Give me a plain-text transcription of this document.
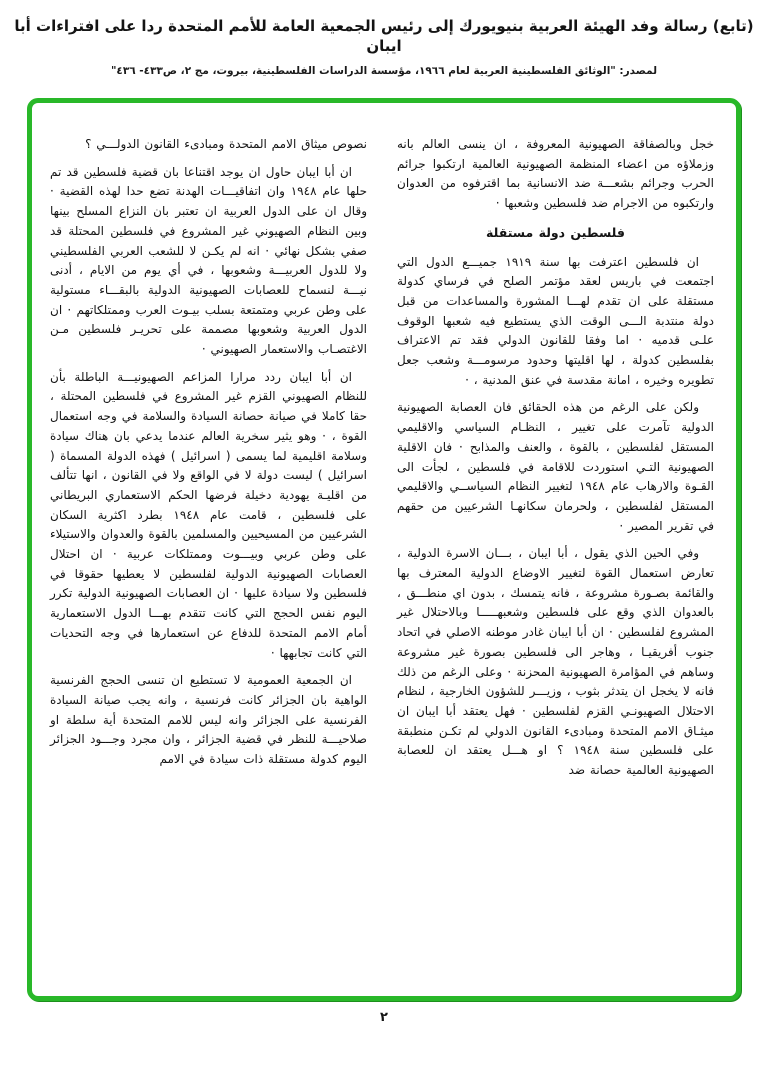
(تابع) رسالة وفد الهيئة العربية بنيويورك إلى رئيس الجمعية العامة للأمم المتحدة ردا على افتراءات أبا ايبان
لمصدر: "الوثائق الفلسطينية العربية لعام ١٩٦٦، مؤسسة الدراسات الفلسطينية، بيروت، مج ٢، ص٤٣٣- ٤٣٦"

خجل وبالصفاقة الصهيونية المعروفة ، ان ينسى العالم بانه وزملاؤه من اعضاء المنظمة الصهيونية العالمية ارتكبوا جرائم الحرب وجرائم بشعـــة ضد الانسانية بما اقترفوه من العدوان وارتكبوه من الاجرام ضد فلسطين وشعبها ·

فلسطين دولة مستقلة

ان فلسطين اعترفت بها سنة ١٩١٩ جميـــع الدول التي اجتمعت في باريس لعقد مؤتمر الصلح في فرساي كدولة مستقلة على ان تقدم لهـــا المشورة والمساعدات من قبل دولة منتدبة الـــى الوقت الذي يستطيع فيه شعبها الوقوف علـى قدميه · اما وفقا للقانون الدولي فقد تم الاعتراف بفلسطين كدولة ، لها اقليتها وحدود مرسومـــة وشعب جعل تطويره وخيره ، امانة مقدسة في عنق المدنية ، ·

ولكن على الرغم من هذه الحقائق فان العصابة الصهيونية الدولية تآمرت على تغيير ، النظـام السياسي والاقليمي المستقل لفلسطين ، بالقوة ، والعنف والمذابح · فان الاقلية الصهيونية التـي استوردت للاقامة في فلسطين ، لجأت الى القـوة والارهاب عام ١٩٤٨ لتغيير النظام السياســي والاقليمي المستقل لفلسطين ، ولحرمان سكانهـا الشرعيين من حقهم في تقرير المصير ·

وفي الحين الذي يقول ، أبا ايبان ، بـــان الاسرة الدولية ، تعارض استعمال القوة لتغيير الاوضاع الدولية المعترف بها والقائمة بصـورة مشروعة ، فانه يتمسك ، بدون اي منطـــق ، بالعدوان الذي وقع على فلسطين وشعبهـــــا وبالاحتلال غير المشروع لفلسطين · ان أبا ايبان غادر موطنه الاصلي في اتحاد جنوب أفريقيـا ، وهاجر الى فلسطين بصورة غير مشروعة وساهم في المؤامرة الصهيونية المحزنة · وعلى الرغم من ذلك فانه لا يخجل ان يتدثر بثوب ، وزيـــر للشؤون الخارجية ، لنظام الاحتلال الصهيونـي القزم لفلسطين · فهل يعتقد أبا ايبان ان ميثـاق الامم المتحدة ومبادىء القانون الدولي لم تكـن منطبقة على فلسطين سنة ١٩٤٨ ؟ او هـــل يعتقد ان للعصابة الصهيونية العالمية حصانة ضد

نصوص ميثاق الامم المتحدة ومبادىء القانون الدولـــي ؟

ان أبا ايبان حاول ان يوجد اقتناعا بان قضية فلسطين قد تم حلها عام ١٩٤٨ وان اتفاقيـــات الهدنة تضع حدا لهذه القضية · وقال ان على الدول العربية ان تعتبر بان النزاع المسلح بينها وبين النظام الصهيوني غير المشروع في فلسطين المحتلة قد صفي بشكل نهائي · انه لم يكـن لا للشعب العربي الفلسطيني ولا للدول العربيـــة وشعوبها ، في أي يوم من الايام ، أدنى نيـــة لنسماح للعصابات الصهيونية الدولية بالبقـــاء مستولية على وطن عربي ومتمتعة بسلب بيـوت العرب وممتلكاتهم · ان الدول العربية وشعوبها مصممة على تحريـر فلسطين مـن الاغتصـاب والاستعمار الصهيوني ·

ان أبا ايبان ردد مرارا المزاعم الصهيونيـــة الباطلة بأن للنظام الصهيوني القزم غير المشروع في فلسطين المحتلة ، حقا كاملا في صيانة حصانة السيادة والسلامة في وجه استعمال القوة ، · وهو يثير سخرية العالم عندما يدعي بان هناك سيادة وسلامة اقليمية لما يسمى ( اسرائيل ) فهذه الدولة المسماة ( اسرائيل ) ليست دولة لا في الواقع ولا في القانون ، انها تتألف من اقليـة يهودية دخيلة فرضها الحكم الاستعماري البريطاني على فلسطين ، قامت عام ١٩٤٨ بطرد اكثرية السكان الشرعيين من المسيحيين والمسلمين بالقوة والعدوان والاستيلاء على وطن عربي وبيـــوت وممتلكات عربية · ان احتلال العصابات الصهيونية الدولية لفلسطين لا يعطيها حقوقا في فلسطين ولا سيادة عليها · ان العصابات الصهيونية الدولية تكرر اليوم نفس الحجج التي كانت تتقدم بهـــا الدول الاستعمارية أمام الامم المتحدة للدفاع عن استعمارها في وجه التحديات التي كانت تجابهها ·

ان الجمعية العمومية لا تستطيع ان تنسى الحجج الفرنسية الواهية بان الجزائر كانت فرنسية ، وانه يجب صيانة السيادة الفرنسية على الجزائر وانه ليس للامم المتحدة أية سلطة او صلاحيـــة للنظر في قضية الجزائر ، وان مجرد وجـــود الجزائر اليوم كدولة مستقلة ذات سيادة في الامم

٢
